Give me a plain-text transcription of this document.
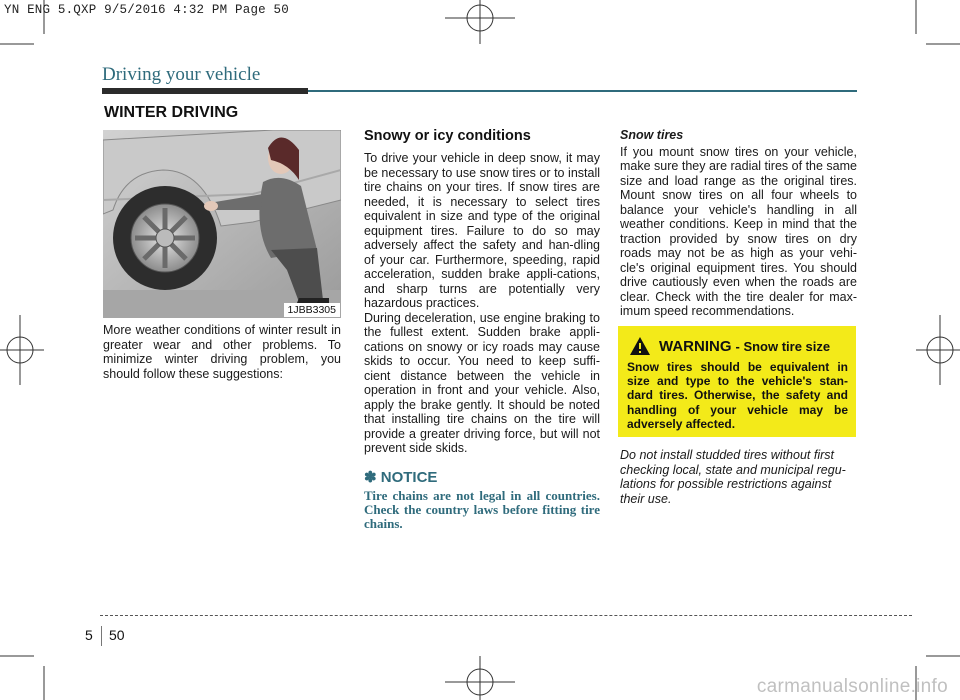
YN ENG 5.QXP 9/5/2016 4:32 PM Page 50
Driving your vehicle
WINTER DRIVING
1JBB3305

More weather conditions of winter result in greater wear and other problems. To minimize winter driving problem, you should follow these suggestions:

Snowy or icy conditions

To drive your vehicle in deep snow, it may be necessary to use snow tires or to install tire chains on your tires. If snow tires are needed, it is necessary to select tires equivalent in size and type of the original equipment tires. Failure to do so may adversely affect the safety and han-dling of your car. Furthermore, speeding, rapid acceleration, sudden brake appli-cations, and sharp turns are potentially very hazardous practices.

During deceleration, use engine braking to the fullest extent. Sudden brake appli-cations on snowy or icy roads may cause skids to occur. You need to keep suffi-cient distance between the vehicle in operation in front and your vehicle. Also, apply the brake gently. It should be noted that installing tire chains on the tire will provide a greater driving force, but will not prevent side skids.

✽ NOTICE
Tire chains are not legal in all countries. Check the country laws before fitting tire chains.
Snow tires

If you mount snow tires on your vehicle, make sure they are radial tires of the same size and load range as the original tires. Mount snow tires on all four wheels to balance your vehicle's handling in all weather conditions. Keep in mind that the traction provided by snow tires on dry roads may not be as high as your vehi-cle's original equipment tires. You should drive cautiously even when the roads are clear. Check with the tire dealer for max-imum speed recommendations.

WARNING - Snow tire size
Snow tires should be equivalent in size and type to the vehicle's stan-dard tires. Otherwise, the safety and handling of your vehicle may be adversely affected.
Do not install studded tires without first checking local, state and municipal regu-lations for possible restrictions against their use.
5 50
carmanualsonline.info
